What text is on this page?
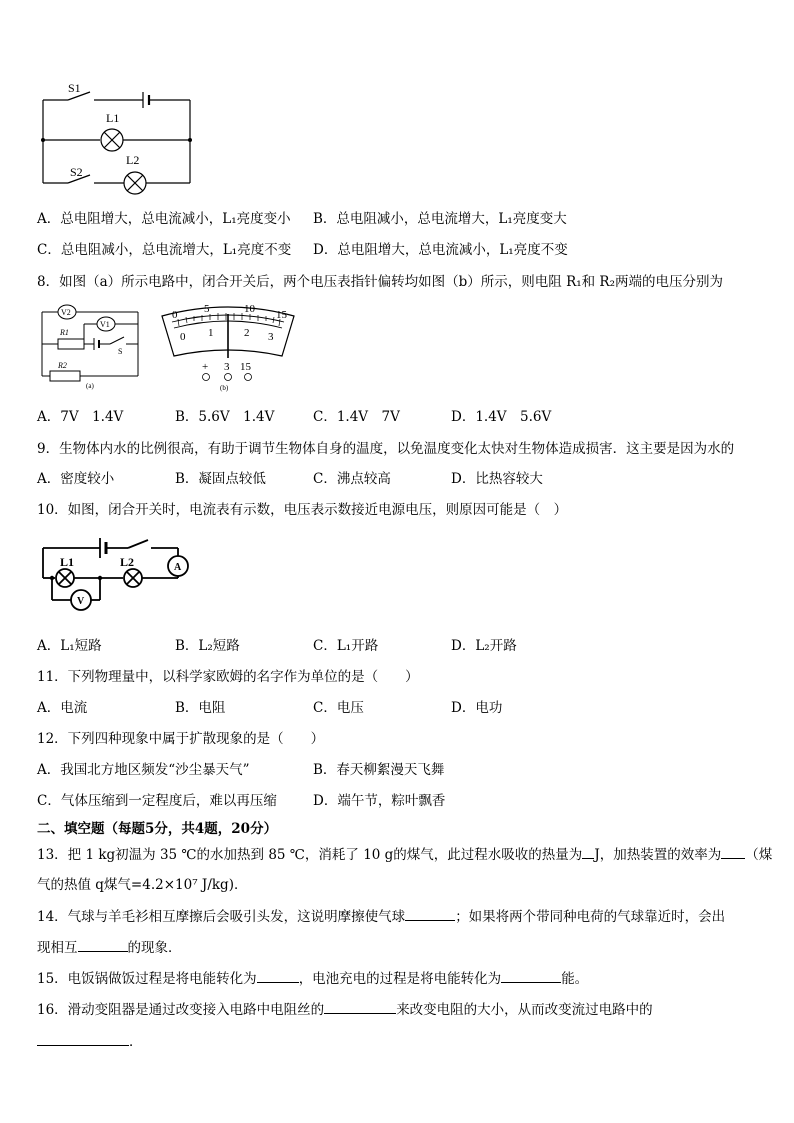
S1
L1
S2
L2
A．总电阻增大，总电流减小，L₁亮度变小 B．总电阻减小，总电流增大，L₁亮度变大
C．总电阻减小，总电流增大，L₁亮度不变 D．总电阻增大，总电流减小，L₁亮度不变
8．如图（a）所示电路中，闭合开关后，两个电压表指针偏转均如图（b）所示，则电阻 R₁和 R₂两端的电压分别为
V2
V1
R1
S
R2
(a)
0 5	10 15
0 1	2 3
+ 3 15
(b)
A．7V　1.4V	B．5.6V　1.4V	C．1.4V　7V	D．1.4V　5.6V
9．生物体内水的比例很高，有助于调节生物体自身的温度，以免温度变化太快对生物体造成损害．这主要是因为水的
A．密度较小	B．凝固点较低	C．沸点较高	D．比热容较大
10．如图，闭合开关时，电流表有示数，电压表示数接近电源电压，则原因可能是（　）
L1	L2	A
V
A．L₁短路	B．L₂短路	C．L₁开路	D．L₂开路
11．下列物理量中，以科学家欧姆的名字作为单位的是（　　）
A．电流	B．电阻	C．电压	D．电功
12．下列四种现象中属于扩散现象的是（　　）
A．我国北方地区频发“沙尘暴天气”	B．春天柳絮漫天飞舞
C．气体压缩到一定程度后，难以再压缩	D．端午节，粽叶飘香
二、填空题（每题5分，共4题，20分）
13．把 1 kg初温为 35 ℃的水加热到 85 ℃，消耗了 10 g的煤气，此过程水吸收的热量为 J，加热装置的效率为 （煤
气的热值 q煤气=4.2×10⁷ J/kg)．
14．气球与羊毛衫相互摩擦后会吸引头发，这说明摩擦使气球	；如果将两个带同种电荷的气球靠近时，会出
现相互	的现象．
15．电饭锅做饭过程是将电能转化为	，电池充电的过程是将电能转化为	能。
16．滑动变阻器是通过改变接入电路中电阻丝的	来改变电阻的大小，从而改变流过电路中的
．
